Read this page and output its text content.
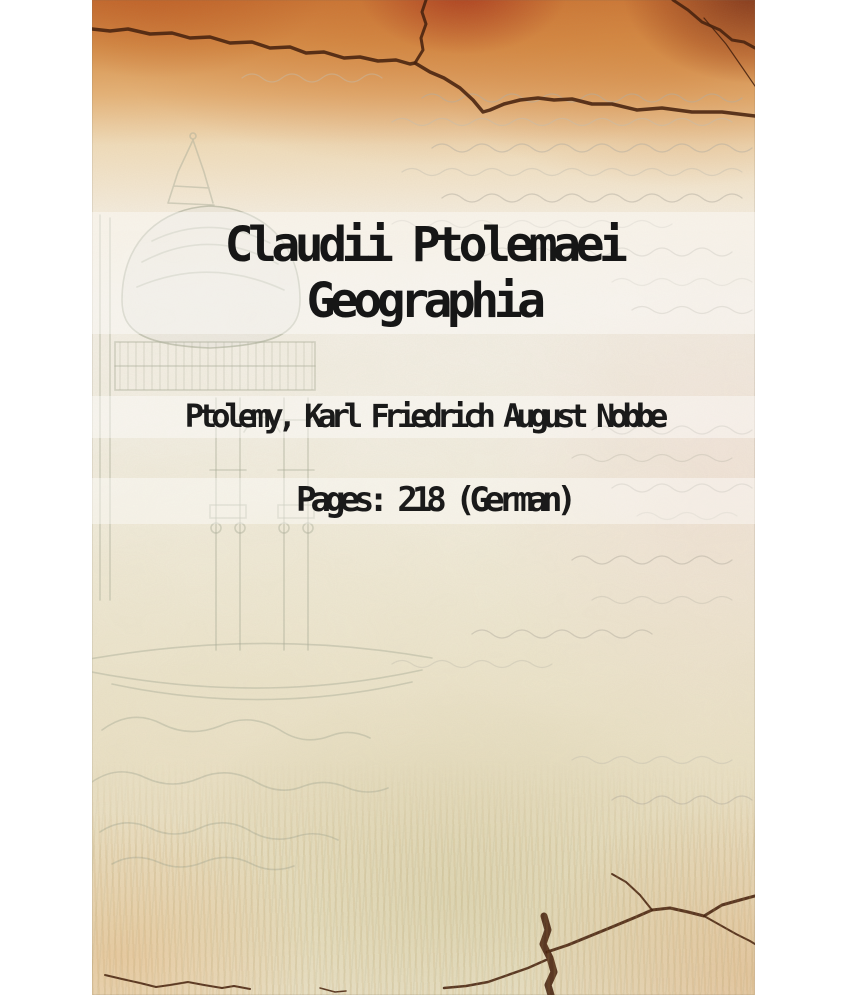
Claudii Ptolemaei
Geographia
Ptolemy, Karl Friedrich August Nobbe
Pages: 218 (German)
